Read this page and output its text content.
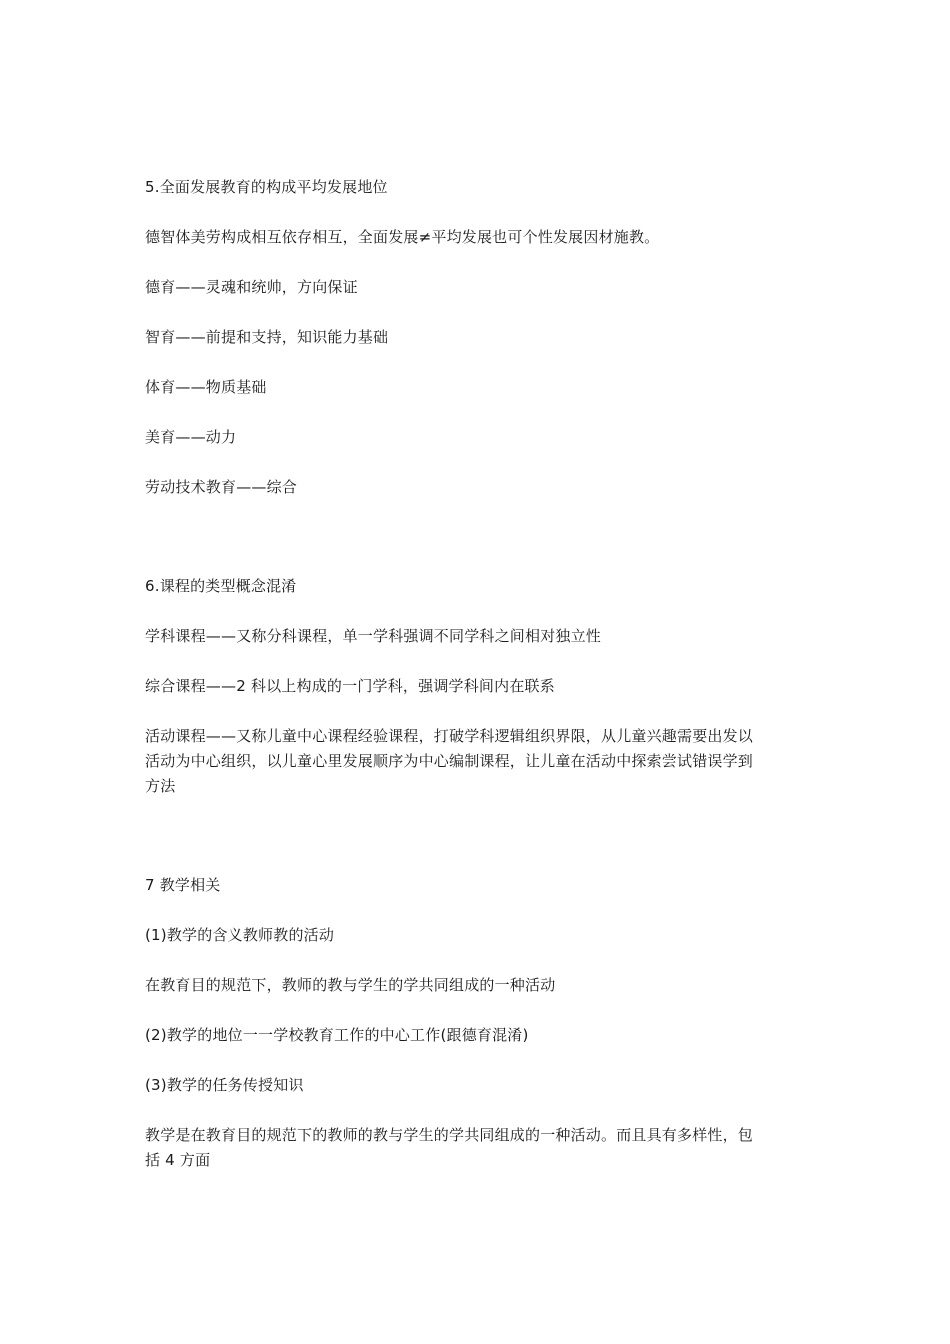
5.全面发展教育的构成平均发展地位
德智体美劳构成相互依存相互，全面发展≠平均发展也可个性发展因材施教。
德育——灵魂和统帅，方向保证
智育——前提和支持，知识能力基础
体育——物质基础
美育——动力
劳动技术教育——综合
6.课程的类型概念混淆
学科课程——又称分科课程，单一学科强调不同学科之间相对独立性
综合课程——2 科以上构成的一门学科，强调学科间内在联系
活动课程——又称儿童中心课程经验课程，打破学科逻辑组织界限，从儿童兴趣需要出发以
活动为中心组织，以儿童心里发展顺序为中心编制课程，让儿童在活动中探索尝试错误学到
方法
7 教学相关
(1)教学的含义教师教的活动
在教育目的规范下，教师的教与学生的学共同组成的一种活动
(2)教学的地位一一学校教育工作的中心工作(跟德育混淆)
(3)教学的任务传授知识
教学是在教育目的规范下的教师的教与学生的学共同组成的一种活动。而且具有多样性，包
括 4 方面
